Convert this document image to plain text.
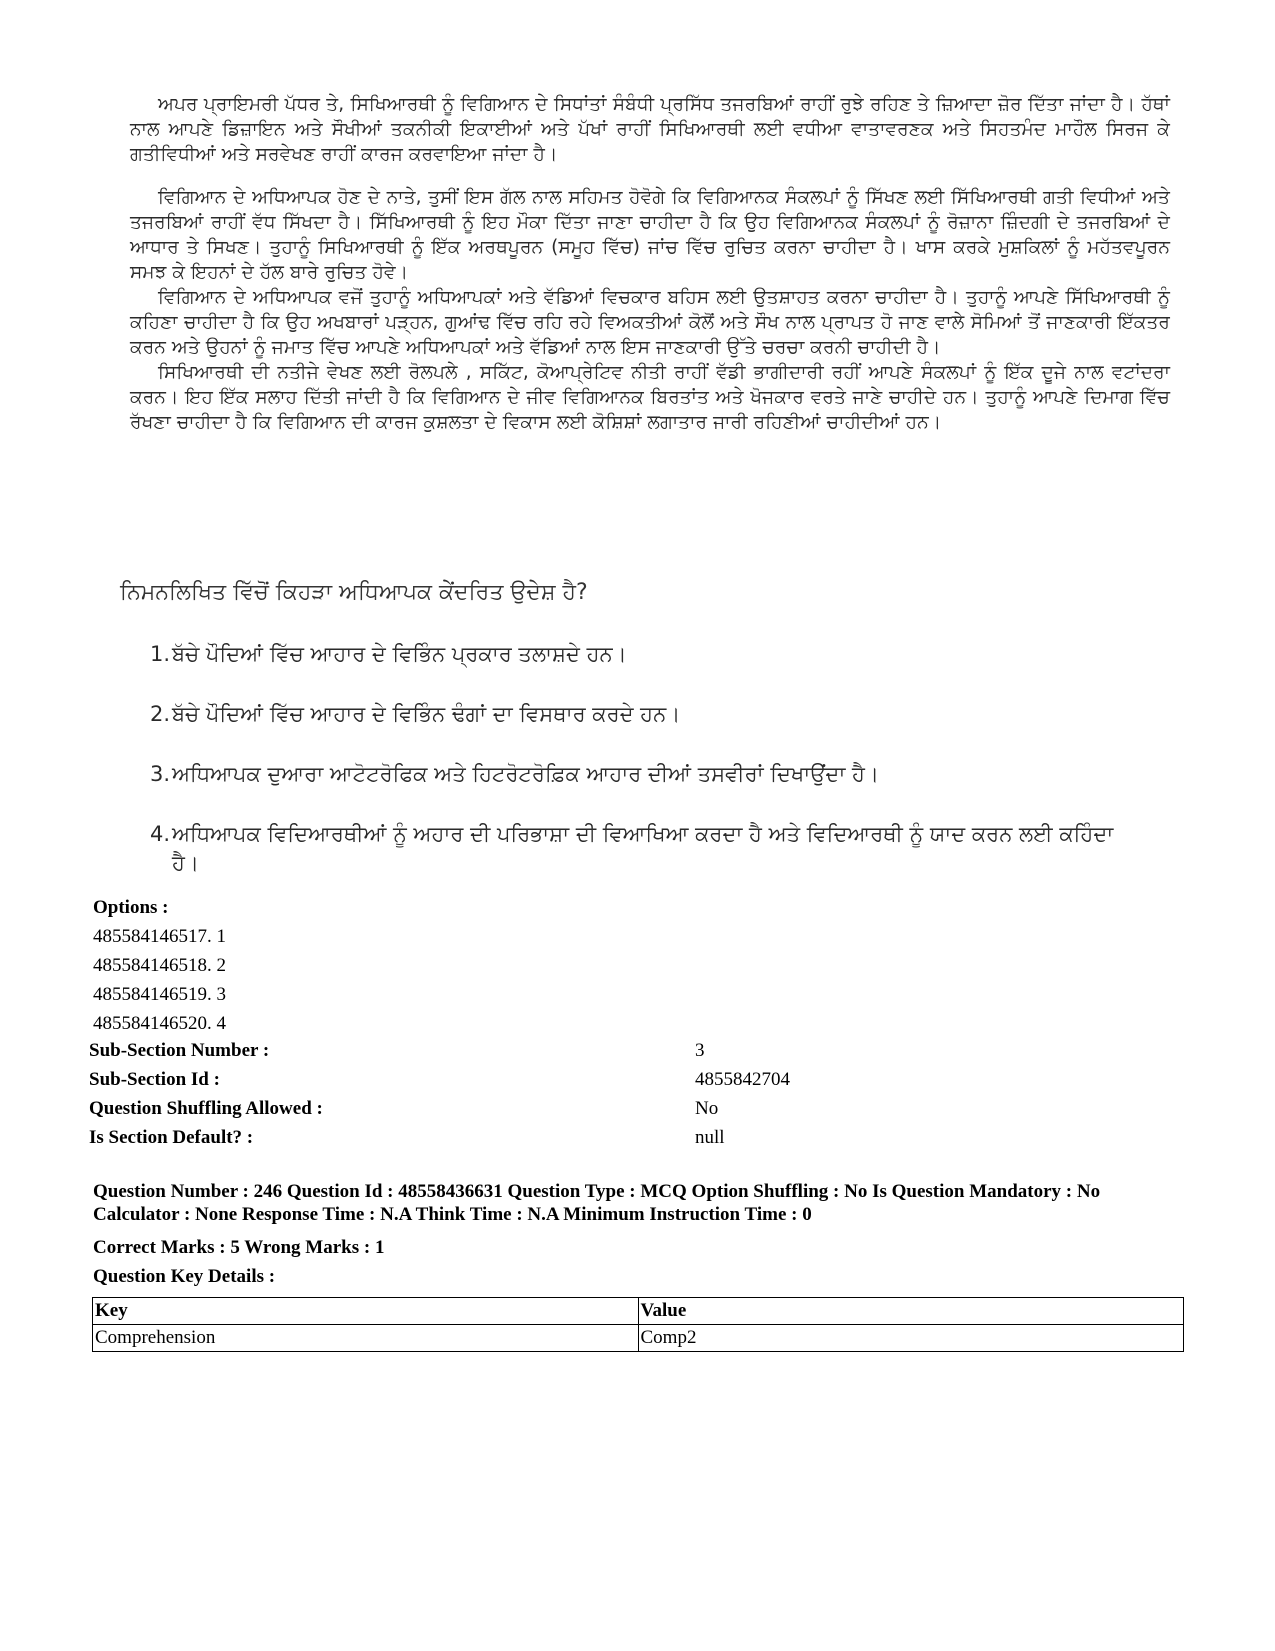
ਅਪਰ ਪ੍ਰਾਇਮਰੀ ਪੱਧਰ ਤੇ, ਸਿਖਿਆਰਥੀ ਨੂੰ ਵਿਗਿਆਨ ਦੇ ਸਿਧਾਂਤਾਂ ਸੰਬੰਧੀ ਪ੍ਰਸਿੱਧ ਤਜਰਬਿਆਂ ਰਾਹੀਂ ਰੁਝੇ ਰਹਿਣ ਤੇ ਜ਼ਿਆਦਾ ਜ਼ੋਰ ਦਿੱਤਾ ਜਾਂਦਾ ਹੈ। ਹੱਥਾਂ ਨਾਲ ਆਪਣੇ ਡਿਜ਼ਾਇਨ ਅਤੇ ਸੌਖੀਆਂ ਤਕਨੀਕੀ ਇਕਾਈਆਂ ਅਤੇ ਪੱਖਾਂ ਰਾਹੀਂ ਸਿਖਿਆਰਥੀ ਲਈ ਵਧੀਆ ਵਾਤਾਵਰਣਕ ਅਤੇ ਸਿਹਤਮੰਦ ਮਾਹੌਲ ਸਿਰਜ ਕੇ ਗਤੀਵਿਧੀਆਂ ਅਤੇ ਸਰਵੇਖਣ ਰਾਹੀਂ ਕਾਰਜ ਕਰਵਾਇਆ ਜਾਂਦਾ ਹੈ।

ਵਿਗਿਆਨ ਦੇ ਅਧਿਆਪਕ ਹੋਣ ਦੇ ਨਾਤੇ, ਤੁਸੀਂ ਇਸ ਗੱਲ ਨਾਲ ਸਹਿਮਤ ਹੋਵੋਗੇ ਕਿ ਵਿਗਿਆਨਕ ਸੰਕਲਪਾਂ ਨੂੰ ਸਿੱਖਣ ਲਈ ਸਿੱਖਿਆਰਥੀ ਗਤੀ ਵਿਧੀਆਂ ਅਤੇ ਤਜਰਬਿਆਂ ਰਾਹੀਂ ਵੱਧ ਸਿੱਖਦਾ ਹੈ। ਸਿੱਖਿਆਰਥੀ ਨੂੰ ਇਹ ਮੌਕਾ ਦਿੱਤਾ ਜਾਣਾ ਚਾਹੀਦਾ ਹੈ ਕਿ ਉਹ ਵਿਗਿਆਨਕ ਸੰਕਲਪਾਂ ਨੂੰ ਰੋਜ਼ਾਨਾ ਜ਼ਿੰਦਗੀ ਦੇ ਤਜਰਬਿਆਂ ਦੇ ਆਧਾਰ ਤੇ ਸਿਖਣ। ਤੁਹਾਨੂੰ ਸਿਖਿਆਰਥੀ ਨੂੰ ਇੱਕ ਅਰਥਪੂਰਨ (ਸਮੂਹ ਵਿੱਚ) ਜਾਂਚ ਵਿੱਚ ਰੁਚਿਤ ਕਰਨਾ ਚਾਹੀਦਾ ਹੈ। ਖਾਸ ਕਰਕੇ ਮੁਸ਼ਕਿਲਾਂ ਨੂੰ ਮਹੱਤਵਪੂਰਨ ਸਮਝ ਕੇ ਇਹਨਾਂ ਦੇ ਹੱਲ ਬਾਰੇ ਰੁਚਿਤ ਹੋਵੇ।

ਵਿਗਿਆਨ ਦੇ ਅਧਿਆਪਕ ਵਜੋਂ ਤੁਹਾਨੂੰ ਅਧਿਆਪਕਾਂ ਅਤੇ ਵੱਡਿਆਂ ਵਿਚਕਾਰ ਬਹਿਸ ਲਈ ਉਤਸ਼ਾਹਤ ਕਰਨਾ ਚਾਹੀਦਾ ਹੈ। ਤੁਹਾਨੂੰ ਆਪਣੇ ਸਿੱਖਿਆਰਥੀ ਨੂੰ ਕਹਿਣਾ ਚਾਹੀਦਾ ਹੈ ਕਿ ਉਹ ਅਖਬਾਰਾਂ ਪੜ੍ਹਨ, ਗੁਆਂਢ ਵਿੱਚ ਰਹਿ ਰਹੇ ਵਿਅਕਤੀਆਂ ਕੋਲੋਂ ਅਤੇ ਸੌਖ ਨਾਲ ਪ੍ਰਾਪਤ ਹੋ ਜਾਣ ਵਾਲੇ ਸੋਮਿਆਂ ਤੋਂ ਜਾਣਕਾਰੀ ਇੱਕਤਰ ਕਰਨ ਅਤੇ ਉਹਨਾਂ ਨੂੰ ਜਮਾਤ ਵਿੱਚ ਆਪਣੇ ਅਧਿਆਪਕਾਂ ਅਤੇ ਵੱਡਿਆਂ ਨਾਲ ਇਸ ਜਾਣਕਾਰੀ ਉੱਤੇ ਚਰਚਾ ਕਰਨੀ ਚਾਹੀਦੀ ਹੈ।

ਸਿਖਿਆਰਥੀ ਦੀ ਨਤੀਜੇ ਵੇਖਣ ਲਈ ਰੋਲਪਲੇ , ਸਕਿੱਟ, ਕੋਆਪ੍ਰੇਟਿਵ ਨੀਤੀ ਰਾਹੀਂ ਵੱਡੀ ਭਾਗੀਦਾਰੀ ਰਹੀਂ ਆਪਣੇ ਸੰਕਲਪਾਂ ਨੂੰ ਇੱਕ ਦੂਜੇ ਨਾਲ ਵਟਾਂਦਰਾ ਕਰਨ। ਇਹ ਇੱਕ ਸਲਾਹ ਦਿੱਤੀ ਜਾਂਦੀ ਹੈ ਕਿ ਵਿਗਿਆਨ ਦੇ ਜੀਵ ਵਿਗਿਆਨਕ ਬਿਰਤਾਂਤ ਅਤੇ ਖੋਜਕਾਰ ਵਰਤੇ ਜਾਣੇ ਚਾਹੀਦੇ ਹਨ। ਤੁਹਾਨੂੰ ਆਪਣੇ ਦਿਮਾਗ ਵਿੱਚ ਰੱਖਣਾ ਚਾਹੀਦਾ ਹੈ ਕਿ ਵਿਗਿਆਨ ਦੀ ਕਾਰਜ ਕੁਸ਼ਲਤਾ ਦੇ ਵਿਕਾਸ ਲਈ ਕੋਸ਼ਿਸ਼ਾਂ ਲਗਾਤਾਰ ਜਾਰੀ ਰਹਿਣੀਆਂ ਚਾਹੀਦੀਆਂ ਹਨ।

ਨਿਮਨਲਿਖਿਤ ਵਿੱਚੋਂ ਕਿਹੜਾ ਅਧਿਆਪਕ ਕੇਂਦਰਿਤ ਉਦੇਸ਼ ਹੈ?
1. ਬੱਚੇ ਪੌਦਿਆਂ ਵਿੱਚ ਆਹਾਰ ਦੇ ਵਿਭਿੰਨ ਪ੍ਰਕਾਰ ਤਲਾਸ਼ਦੇ ਹਨ।
2. ਬੱਚੇ ਪੌਦਿਆਂ ਵਿੱਚ ਆਹਾਰ ਦੇ ਵਿਭਿੰਨ ਢੰਗਾਂ ਦਾ ਵਿਸਥਾਰ ਕਰਦੇ ਹਨ।
3. ਅਧਿਆਪਕ ਦੁਆਰਾ ਆਟੋਟਰੋਫਿਕ ਅਤੇ ਹਿਟਰੋਟਰੋਫ਼ਿਕ ਆਹਾਰ ਦੀਆਂ ਤਸਵੀਰਾਂ ਦਿਖਾਉਂਦਾ ਹੈ।
4. ਅਧਿਆਪਕ ਵਿਦਿਆਰਥੀਆਂ ਨੂੰ ਅਹਾਰ ਦੀ ਪਰਿਭਾਸ਼ਾ ਦੀ ਵਿਆਖਿਆ ਕਰਦਾ ਹੈ ਅਤੇ ਵਿਦਿਆਰਥੀ ਨੂੰ ਯਾਦ ਕਰਨ ਲਈ ਕਹਿੰਦਾ ਹੈ।
Options :
485584146517. 1
485584146518. 2
485584146519. 3
485584146520. 4
Sub-Section Number :	3
Sub-Section Id :	4855842704
Question Shuffling Allowed :	No
Is Section Default? :	null
Question Number : 246 Question Id : 48558436631 Question Type : MCQ Option Shuffling : No Is Question Mandatory : No Calculator : None Response Time : N.A Think Time : N.A Minimum Instruction Time : 0
Correct Marks : 5 Wrong Marks : 1
Question Key Details :
Key	Value
Comprehension	Comp2
